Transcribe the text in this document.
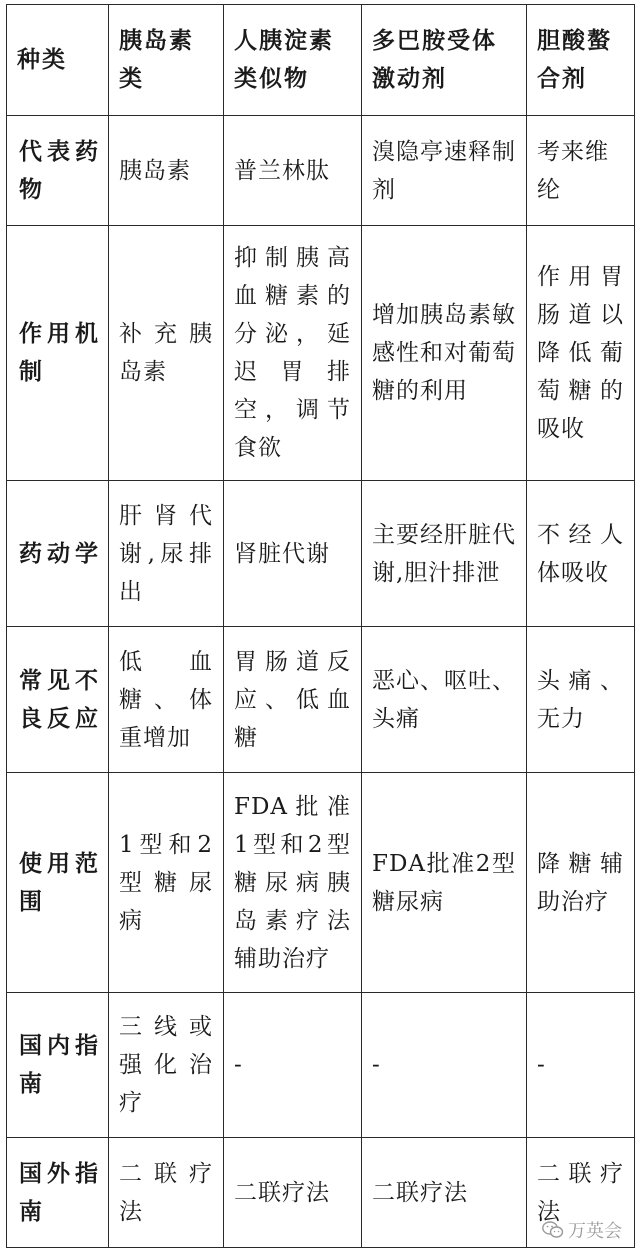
种类	胰岛素类	人胰淀素类似物	多巴胺受体激动剂	胆酸螯合剂
代表药物	胰岛素	普兰林肽	溴隐亭速释制剂	考来维纶
作用机制	补充胰岛素	抑制胰高血糖素的分泌，延迟胃排空，调节食欲	增加胰岛素敏感性和对葡萄糖的利用	作用胃肠道以降低葡萄糖的吸收
药动学	肝肾代谢,尿排出	肾脏代谢	主要经肝脏代谢,胆汁排泄	不经人体吸收
常见不良反应	低血糖、体重增加	胃肠道反应、低血糖	恶心、呕吐、头痛	头痛、无力
使用范围	1型和2型糖尿病	FDA批准1型和2型糖尿病胰岛素疗法辅助治疗	FDA批准2型糖尿病	降糖辅助治疗
国内指南	三线或强化治疗	-	-	-
国外指南	二联疗法	二联疗法	二联疗法	二联疗法
万英会
